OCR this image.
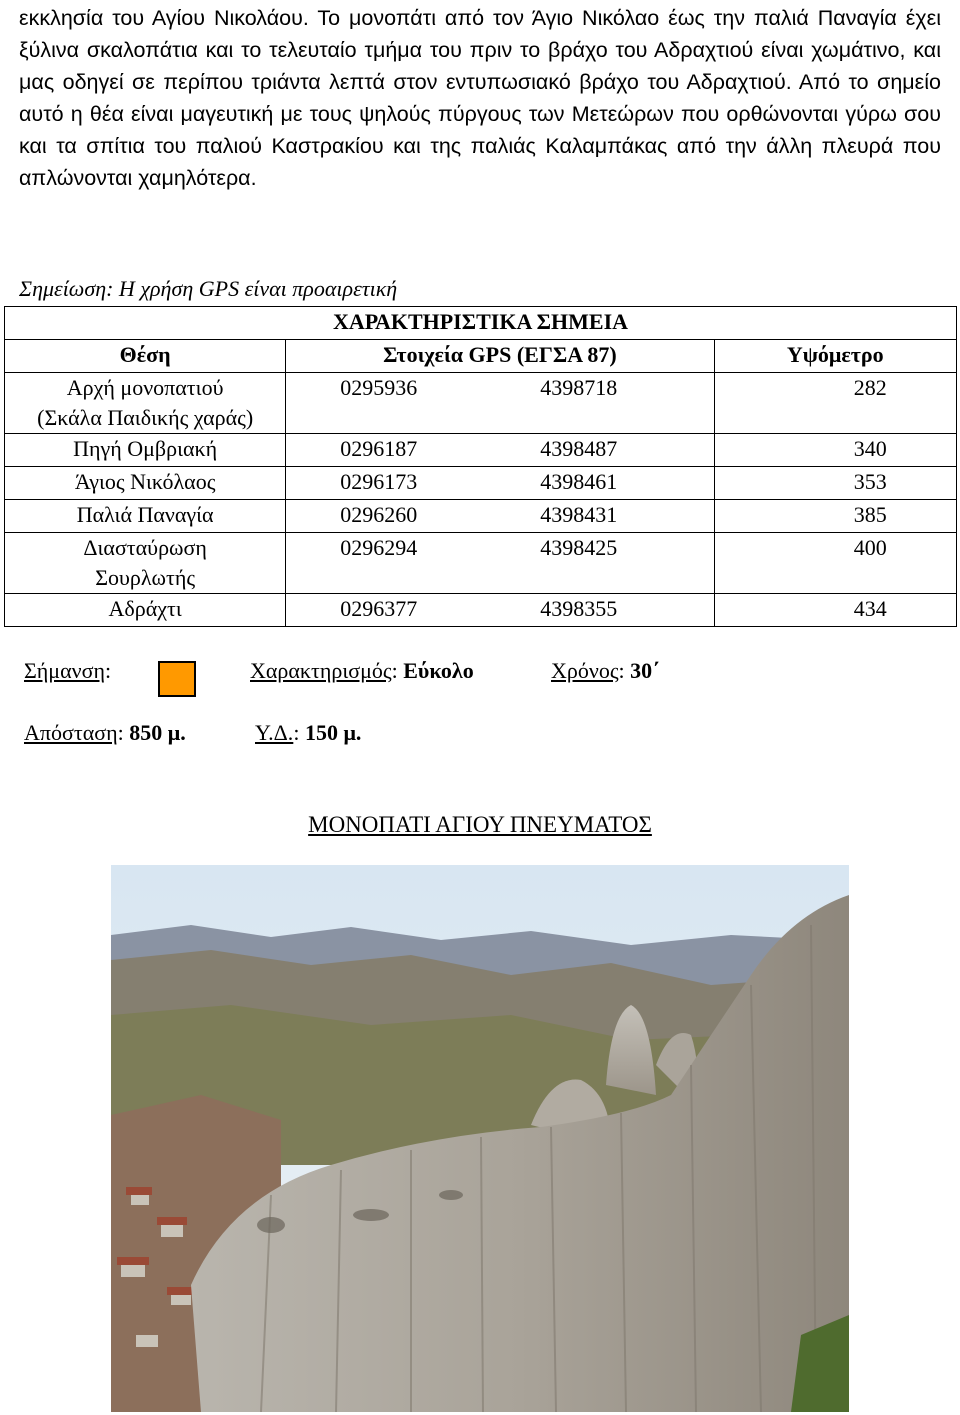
εκκλησία του Αγίου Νικολάου. Το μονοπάτι από τον Άγιο Νικόλαο έως την παλιά Παναγία έχει ξύλινα σκαλοπάτια και το τελευταίο τμήμα του πριν το βράχο του Αδραχτιού είναι χωμάτινο, και μας οδηγεί σε περίπου τριάντα λεπτά στον εντυπωσιακό βράχο του Αδραχτιού. Από το σημείο αυτό η θέα είναι μαγευτική με τους ψηλούς πύργους των Μετεώρων που ορθώνονται γύρω σου και τα σπίτια του παλιού Καστρακίου και της παλιάς Καλαμπάκας από την άλλη πλευρά που απλώνονται χαμηλότερα.
Σημείωση: Η χρήση GPS είναι προαιρετική
ΧΑΡΑΚΤΗΡΙΣΤΙΚΑ ΣΗΜΕΙΑ		
Θέση	Στοιχεία GPS (ΕΓΣΑ 87)	Υψόμετρο

Αρχή μονοπατιού
(Σκάλα Παιδικής χαράς)	0295936 4398718	282
Πηγή Ομβριακή	0296187 4398487	340
Άγιος Νικόλαος	0296173 4398461	353
Παλιά Παναγία	0296260 4398431	385

Διασταύρωση
Σουρλωτής	0296294 4398425	400
Αδράχτι	0296377 4398355	434
Σήμανση:	Χαρακτηρισμός: Εύκολο	Χρόνος: 30΄
Απόσταση: 850 μ.	Υ.Δ.: 150 μ.
ΜΟΝΟΠΑΤΙ ΑΓΙΟΥ ΠΝΕΥΜΑΤΟΣ
